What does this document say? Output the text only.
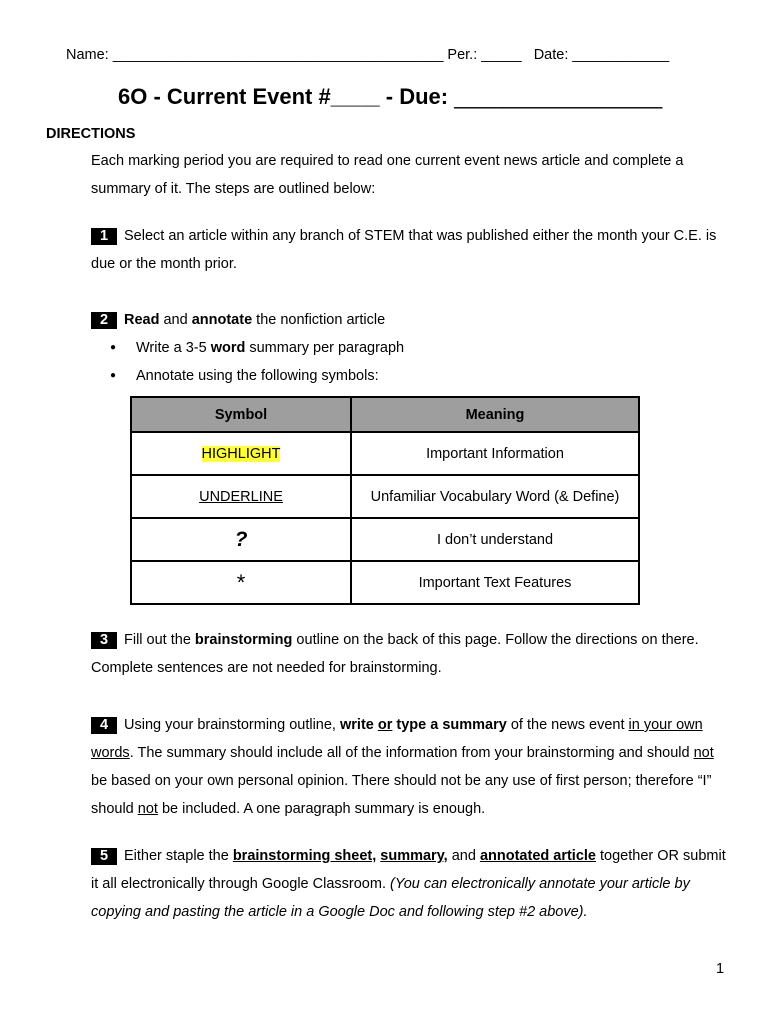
Name: _________________________________________ Per.: _____ Date: ____________
6O - Current Event #____ - Due: _________________
DIRECTIONS
Each marking period you are required to read one current event news article and complete a summary of it. The steps are outlined below:
1 Select an article within any branch of STEM that was published either the month your C.E. is due or the month prior.
2 Read and annotate the nonfiction article
● Write a 3-5 word summary per paragraph
● Annotate using the following symbols:
Symbol	Meaning
HIGHLIGHT	Important Information
UNDERLINE	Unfamiliar Vocabulary Word (& Define)
?	I don’t understand
*	Important Text Features
3 Fill out the brainstorming outline on the back of this page. Follow the directions on there. Complete sentences are not needed for brainstorming.
4 Using your brainstorming outline, write or type a summary of the news event in your own words. The summary should include all of the information from your brainstorming and should not be based on your own personal opinion. There should not be any use of first person; therefore “I” should not be included. A one paragraph summary is enough.
5 Either staple the brainstorming sheet, summary, and annotated article together OR submit it all electronically through Google Classroom. (You can electronically annotate your article by copying and pasting the article in a Google Doc and following step #2 above).
1
